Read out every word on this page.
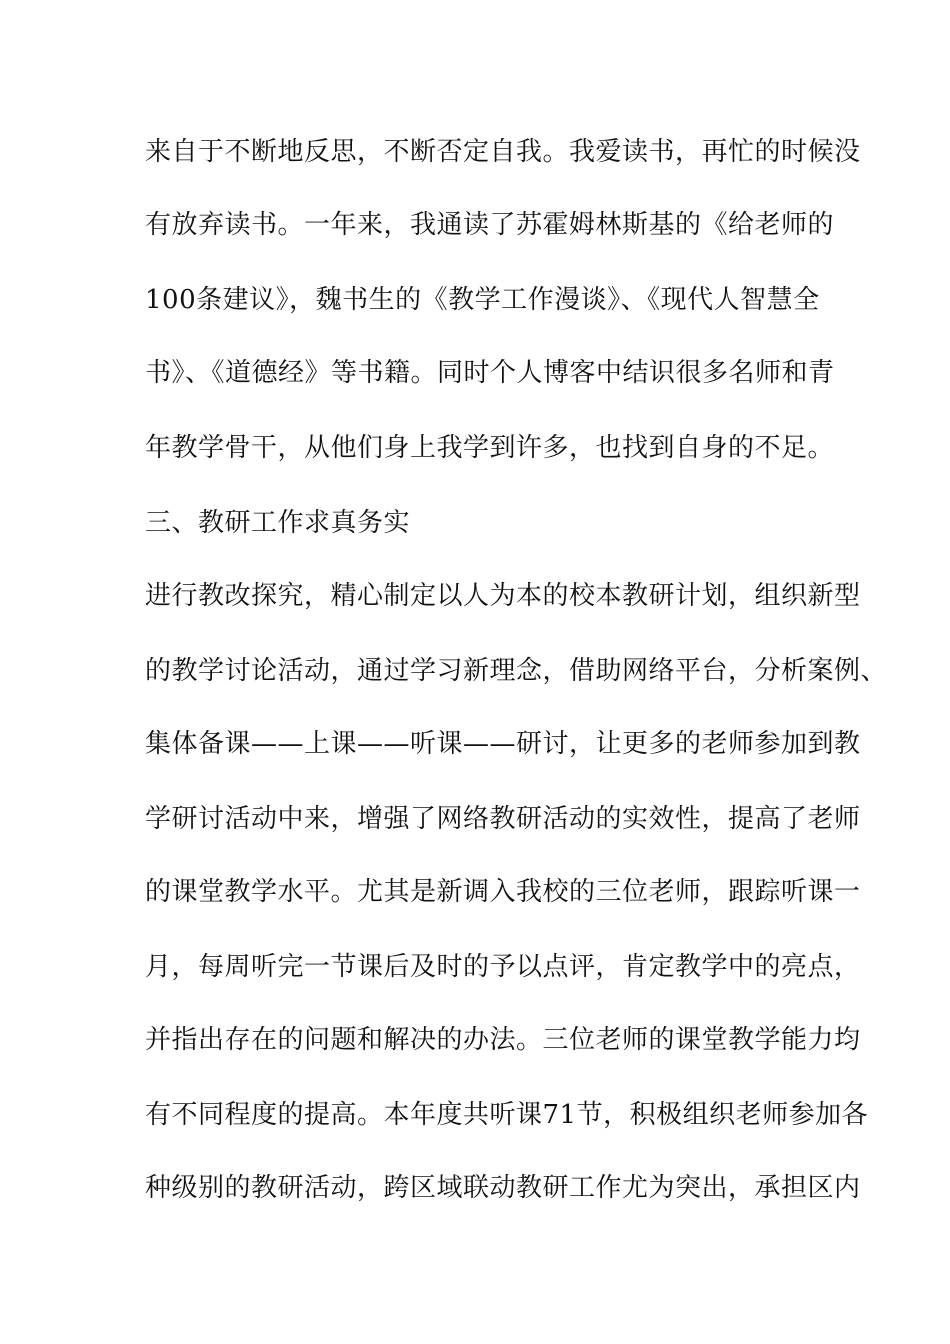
来自于不断地反思，不断否定自我。我爱读书，再忙的时候没
有放弃读书。一年来，我通读了苏霍姆林斯基的《给老师的
100条建议》，魏书生的《教学工作漫谈》、《现代人智慧全
书》、《道德经》等书籍。同时个人博客中结识很多名师和青
年教学骨干，从他们身上我学到许多，也找到自身的不足。
三、教研工作求真务实
进行教改探究，精心制定以人为本的校本教研计划，组织新型
的教学讨论活动，通过学习新理念，借助网络平台，分析案例、
集体备课——上课——听课——研讨，让更多的老师参加到教
学研讨活动中来，增强了网络教研活动的实效性，提高了老师
的课堂教学水平。尤其是新调入我校的三位老师，跟踪听课一
月，每周听完一节课后及时的予以点评，肯定教学中的亮点，
并指出存在的问题和解决的办法。三位老师的课堂教学能力均
有不同程度的提高。本年度共听课71节，积极组织老师参加各
种级别的教研活动，跨区域联动教研工作尤为突出，承担区内
